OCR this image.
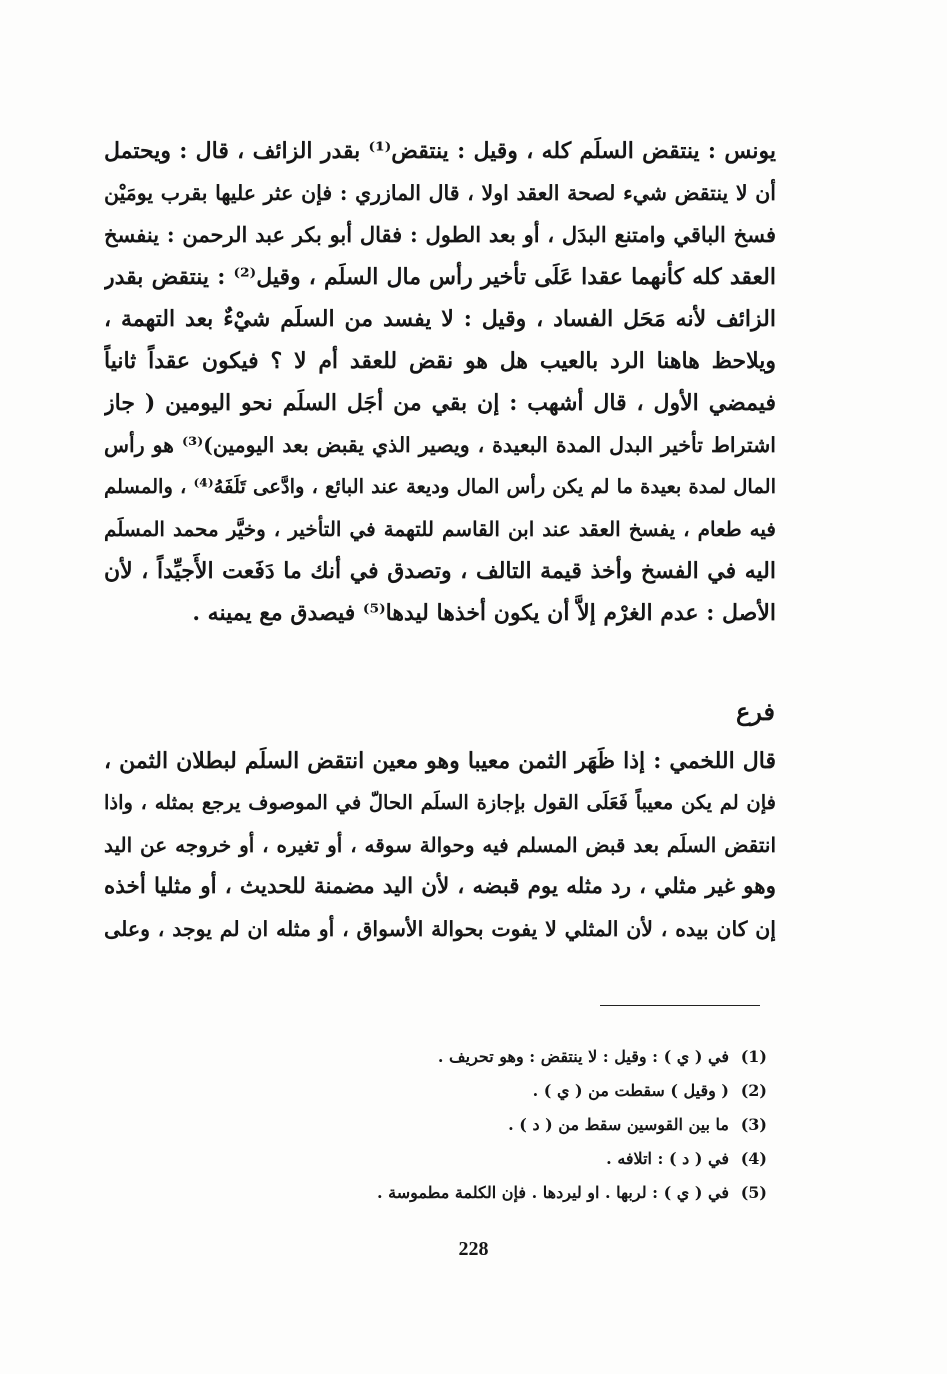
يونس : ينتقض السلَم كله ، وقيل : ينتقض⁽¹⁾ بقدر الزائف ، قال : ويحتمل
أن لا ينتقض شيء لصحة العقد اولا ، قال المازري : فإن عثر عليها بقرب يومَيْن
فسخ الباقي وامتنع البدَل ، أو بعد الطول : فقال أبو بكر عبد الرحمن : ينفسخ
العقد كله كأنهما عقدا عَلَى تأخير رأس مال السلَم ، وقيل⁽²⁾ : ينتقض بقدر
الزائف لأنه مَحَل الفساد ، وقيل : لا يفسد من السلَم شيْءٌ بعد التهمة ،
ويلاحظ هاهنا الرد بالعيب هل هو نقض للعقد أم لا ؟ فيكون عقداً ثانياً
فيمضي الأول ، قال أشهب : إن بقي من أجَل السلَم نحو اليومين ( جاز
اشتراط تأخير البدل المدة البعيدة ، ويصير الذي يقبض بعد اليومين)⁽³⁾ هو رأس
المال لمدة بعيدة ما لم يكن رأس المال وديعة عند البائع ، وادَّعى تَلَفَهُ⁽⁴⁾ ، والمسلم
فيه طعام ، يفسخ العقد عند ابن القاسم للتهمة في التأخير ، وخيَّر محمد المسلَم
اليه في الفسخ وأخذ قيمة التالف ، وتصدق في أنك ما دَفَعت الأَجيِّداً ، لأن
الأصل : عدم الغرْم إلاَّ أن يكون أخذها ليدها⁽⁵⁾ فيصدق مع يمينه .
فرع
قال اللخمي : إذا ظَهَر الثمن معيبا وهو معين انتقض السلَم لبطلان الثمن ،
فإن لم يكن معيباً فَعَلَى القول بإجازة السلَم الحالّ في الموصوف يرجع بمثله ، واذا
انتقض السلَم بعد قبض المسلم فيه وحوالة سوقه ، أو تغيره ، أو خروجه عن اليد
وهو غير مثلي ، رد مثله يوم قبضه ، لأن اليد مضمنة للحديث ، أو مثليا أخذه
إن كان بيده ، لأن المثلي لا يفوت بحوالة الأسواق ، أو مثله ان لم يوجد ، وعلى
(1)في ( ي ) : وقيل : لا ينتقض : وهو تحريف .
(2)( وقيل ) سقطت من ( ي ) .
(3)ما بين القوسين سقط من ( د ) .
(4)في ( د ) : اتلافه .
(5)في ( ي ) : لربها . او ليردها . فإن الكلمة مطموسة .
228
